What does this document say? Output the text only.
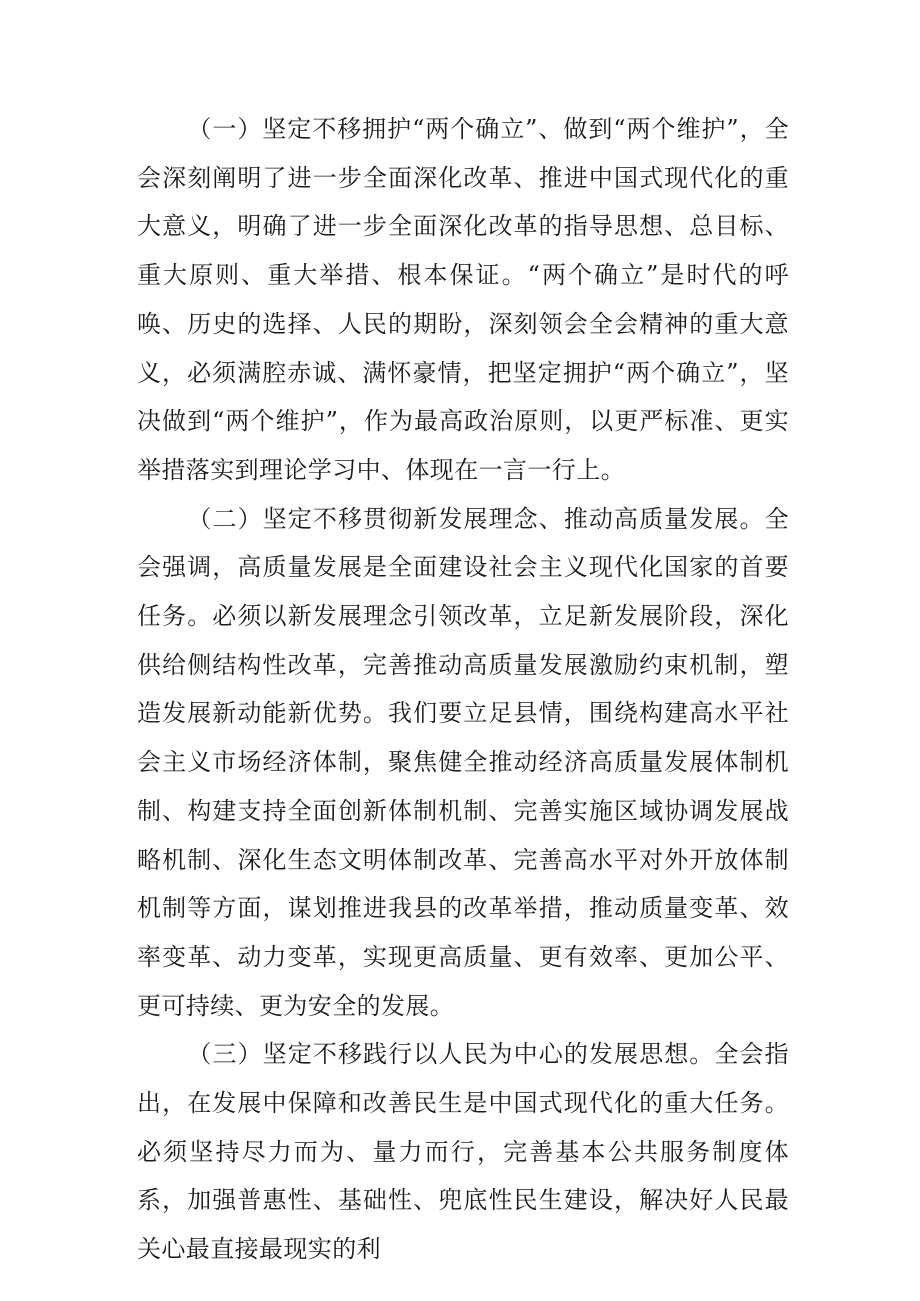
（一）坚定不移拥护“两个确立”、做到“两个维护”，全会深刻阐明了进一步全面深化改革、推进中国式现代化的重大意义，明确了进一步全面深化改革的指导思想、总目标、重大原则、重大举措、根本保证。“两个确立”是时代的呼唤、历史的选择、人民的期盼，深刻领会全会精神的重大意义，必须满腔赤诚、满怀豪情，把坚定拥护“两个确立”，坚决做到“两个维护”，作为最高政治原则，以更严标准、更实举措落实到理论学习中、体现在一言一行上。

（二）坚定不移贯彻新发展理念、推动高质量发展。全会强调，高质量发展是全面建设社会主义现代化国家的首要任务。必须以新发展理念引领改革，立足新发展阶段，深化供给侧结构性改革，完善推动高质量发展激励约束机制，塑造发展新动能新优势。我们要立足县情，围绕构建高水平社会主义市场经济体制，聚焦健全推动经济高质量发展体制机制、构建支持全面创新体制机制、完善实施区域协调发展战略机制、深化生态文明体制改革、完善高水平对外开放体制机制等方面，谋划推进我县的改革举措，推动质量变革、效率变革、动力变革，实现更高质量、更有效率、更加公平、更可持续、更为安全的发展。

（三）坚定不移践行以人民为中心的发展思想。全会指出，在发展中保障和改善民生是中国式现代化的重大任务。必须坚持尽力而为、量力而行，完善基本公共服务制度体系，加强普惠性、基础性、兜底性民生建设，解决好人民最关心最直接最现实的利
